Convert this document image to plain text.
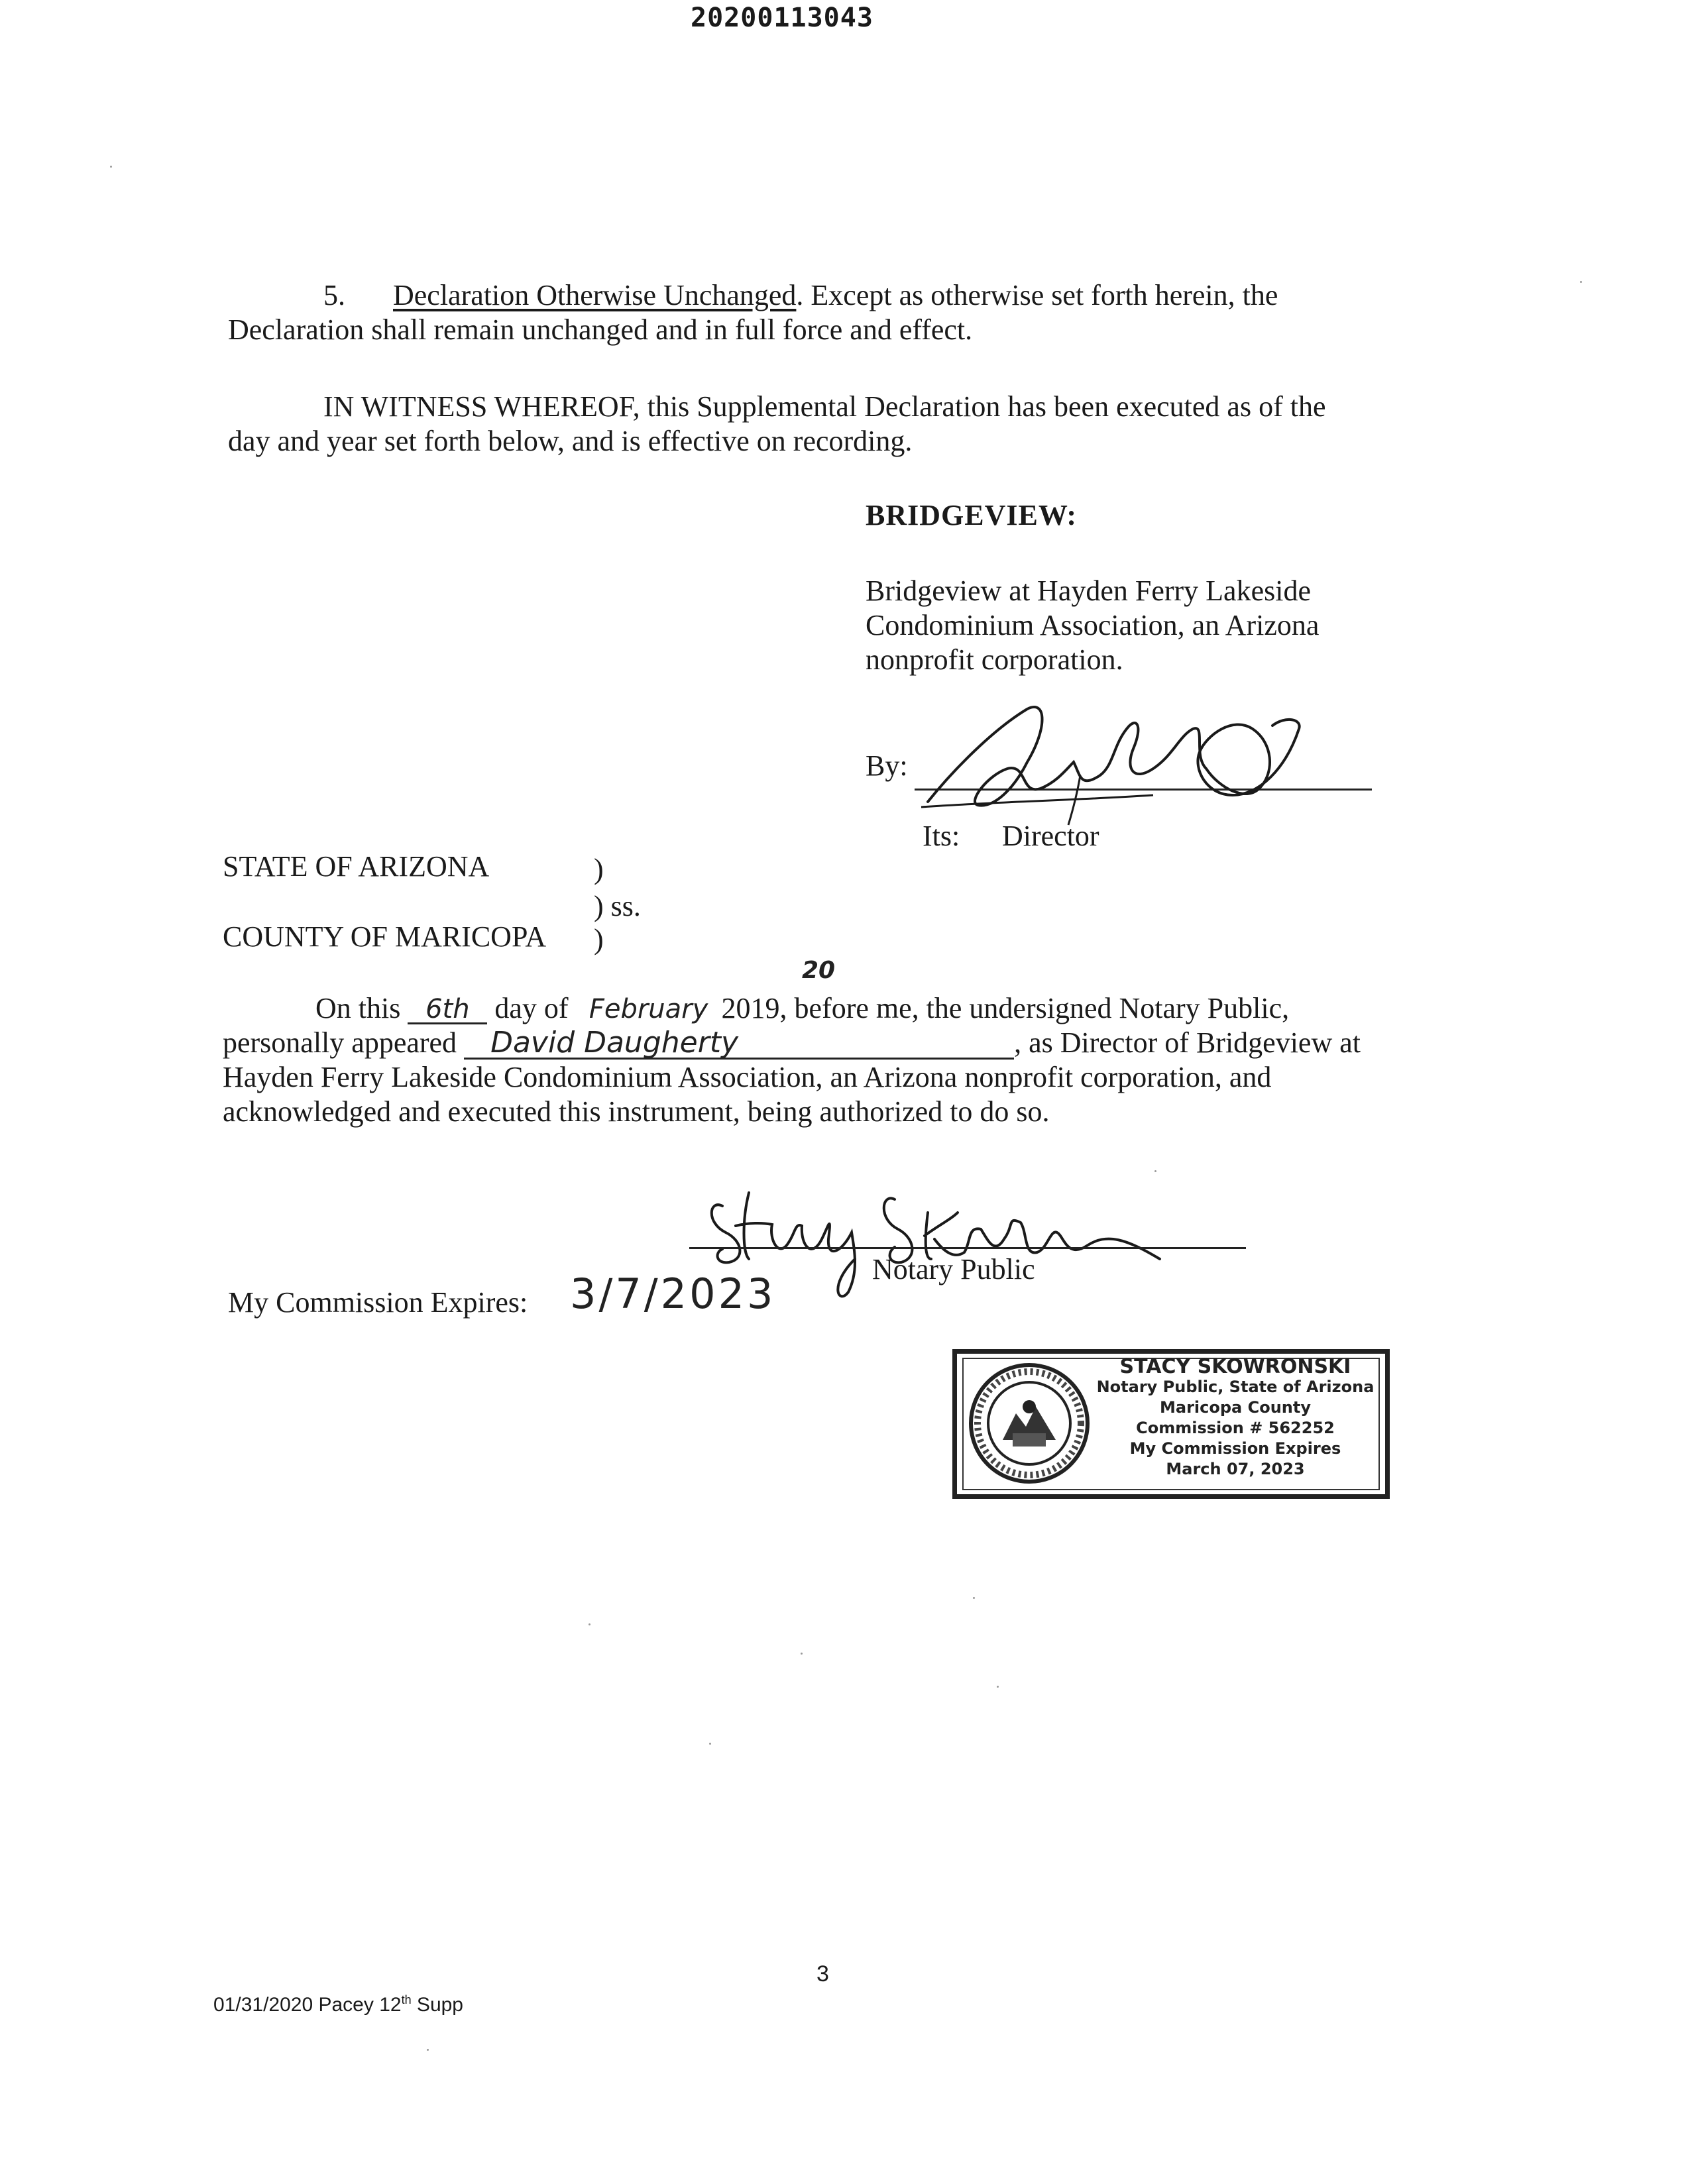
20200113043
5. Declaration Otherwise Unchanged. Except as otherwise set forth herein, the
Declaration shall remain unchanged and in full force and effect.
IN WITNESS WHEREOF, this Supplemental Declaration has been executed as of the
day and year set forth below, and is effective on recording.
BRIDGEVIEW:
Bridgeview at Hayden Ferry Lakeside
Condominium Association, an Arizona
nonprofit corporation.
By:
Its: Director
STATE OF ARIZONA	)
) ss.
COUNTY OF MARICOPA )
20
On this 6th day of February 2019, before me, the undersigned Notary Public,
personally appeared David Daugherty	, as Director of Bridgeview at
Hayden Ferry Lakeside Condominium Association, an Arizona nonprofit corporation, and
acknowledged and executed this instrument, being authorized to do so.
Notary Public
My Commission Expires: 3/7/2023
STACY SKOWRONSKI
Notary Public, State of Arizona
Maricopa County
Commission # 562252
My Commission Expires
March 07, 2023
3
01/31/2020 Pacey 12th Supp
